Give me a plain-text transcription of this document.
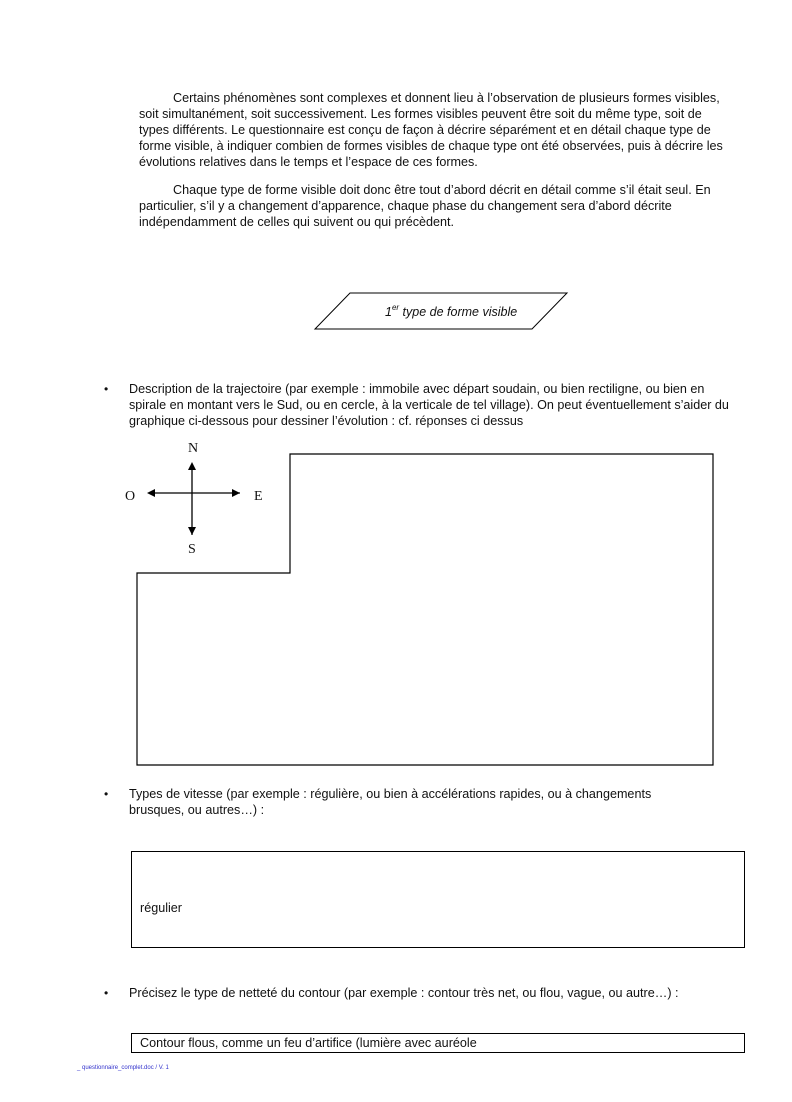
Certains phénomènes sont complexes et donnent lieu à l’observation de plusieurs formes visibles, soit simultanément, soit successivement. Les formes visibles peuvent être soit du même type, soit de types différents. Le questionnaire est conçu de façon à décrire séparément et en détail chaque type de forme visible, à indiquer combien de formes visibles de chaque type ont été observées, puis à décrire les évolutions relatives dans le temps et l’espace de ces formes.

Chaque type de forme visible doit donc être tout d’abord décrit en détail comme s’il était seul. En particulier, s’il y a changement d’apparence, chaque phase du changement sera d’abord décrite indépendamment de celles qui suivent ou qui précèdent.

1er type de forme visible
• Description de la trajectoire (par exemple : immobile avec départ soudain, ou bien rectiligne, ou bien en spirale en montant vers le Sud, ou en cercle, à la verticale de tel village). On peut éventuellement s’aider du graphique ci-dessous pour dessiner l’évolution : cf. réponses ci dessus
N
O	E
S
• Types de vitesse (par exemple : régulière, ou bien à accélérations rapides, ou à changements brusques, ou autres…) :
régulier
• Précisez le type de netteté du contour (par exemple : contour très net, ou flou, vague, ou autre…) :
Contour flous, comme un feu d’artifice (lumière avec auréole
_ questionnaire_complet.doc / V. 1
